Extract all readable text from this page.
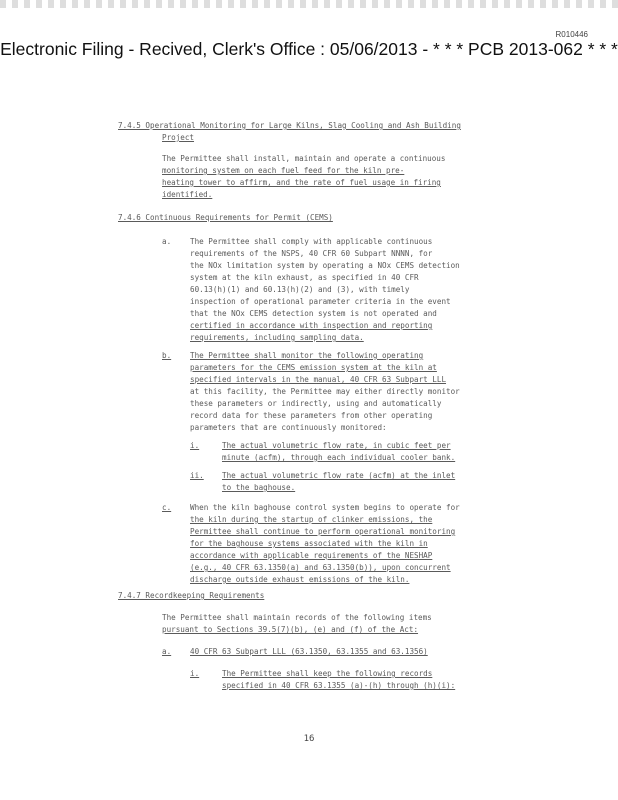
R010446
Electronic Filing - Recived, Clerk's Office : 05/06/2013 - * * * PCB 2013-062 * * *
7.4.5 Operational Monitoring for Large Kilns, Slag Cooling and Ash Building
Project
The Permittee shall install, maintain and operate a continuous
monitoring system on each fuel feed for the kiln pre-
heating tower to affirm, and the rate of fuel usage in firing
identified.
7.4.6 Continuous Requirements for Permit (CEMS)
a. The Permittee shall comply with applicable continuous
requirements of the NSPS, 40 CFR 60 Subpart NNNN, for
the NOx limitation system by operating a NOx CEMS detection
system at the kiln exhaust, as specified in 40 CFR
60.13(h)(1) and 60.13(h)(2) and (3), with timely
inspection of operational parameter criteria in the event
that the NOx CEMS detection system is not operated and
certified in accordance with inspection and reporting
requirements, including sampling data.
b. The Permittee shall monitor the following operating
parameters for the CEMS emission system at the kiln at
specified intervals in the manual, 40 CFR 63 Subpart LLL
at this facility, the Permittee may either directly monitor
these parameters or indirectly, using and automatically
record data for these parameters from other operating
parameters that are continuously monitored:
i.	The actual volumetric flow rate, in cubic feet per
minute (acfm), through each individual cooler bank.
ii. The actual volumetric flow rate (acfm) at the inlet
to the baghouse.
c. When the kiln baghouse control system begins to operate for
the kiln during the startup of clinker emissions, the
Permittee shall continue to perform operational monitoring
for the baghouse systems associated with the kiln in
accordance with applicable requirements of the NESHAP
(e.g., 40 CFR 63.1350(a) and 63.1350(b)), upon concurrent
discharge outside exhaust emissions of the kiln.
7.4.7 Recordkeeping Requirements
The Permittee shall maintain records of the following items
pursuant to Sections 39.5(7)(b), (e) and (f) of the Act:
a. 40 CFR 63 Subpart LLL (63.1350, 63.1355 and 63.1356)
i.	The Permittee shall keep the following records
specified in 40 CFR 63.1355 (a)-(h) through (h)(i):
16
